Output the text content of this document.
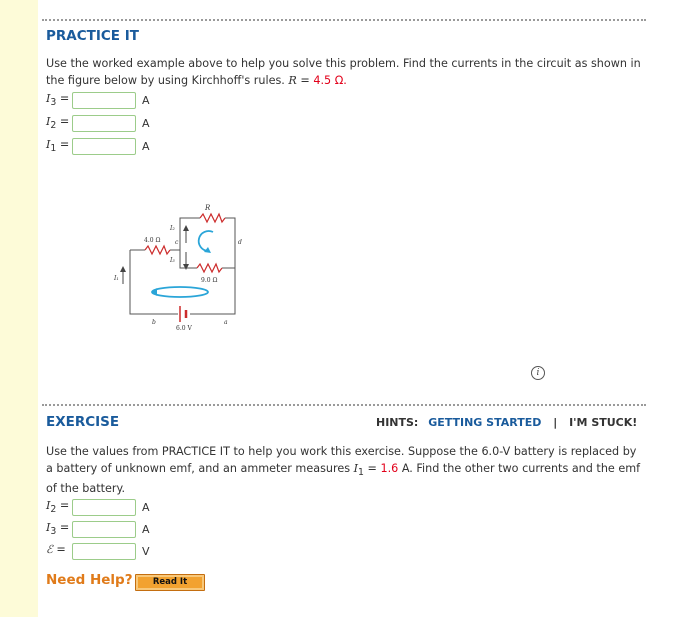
PRACTICE IT
Use the worked example above to help you solve this problem. Find the currents in the circuit as shown in
the figure below by using Kirchhoff's rules. R = 4.5 Ω.
$I_3$ =	A
$I_2$ =	A
$I_1$ =	A
R
4.0 Ω
9.0 Ω
6.0 V
I₁
I₂
I₃
a
b
c	d
i
EXERCISE	HINTS: GETTING STARTED | I'M STUCK!
Use the values from PRACTICE IT to help you work this exercise. Suppose the 6.0-V battery is replaced by
a battery of unknown emf, and an ammeter measures $I_1 = 1.6$ A. Find the other two currents and the emf
of the battery.
$I_2$ =	A
$I_3$ =	A
ℰ =	V
Need Help?	Read It
